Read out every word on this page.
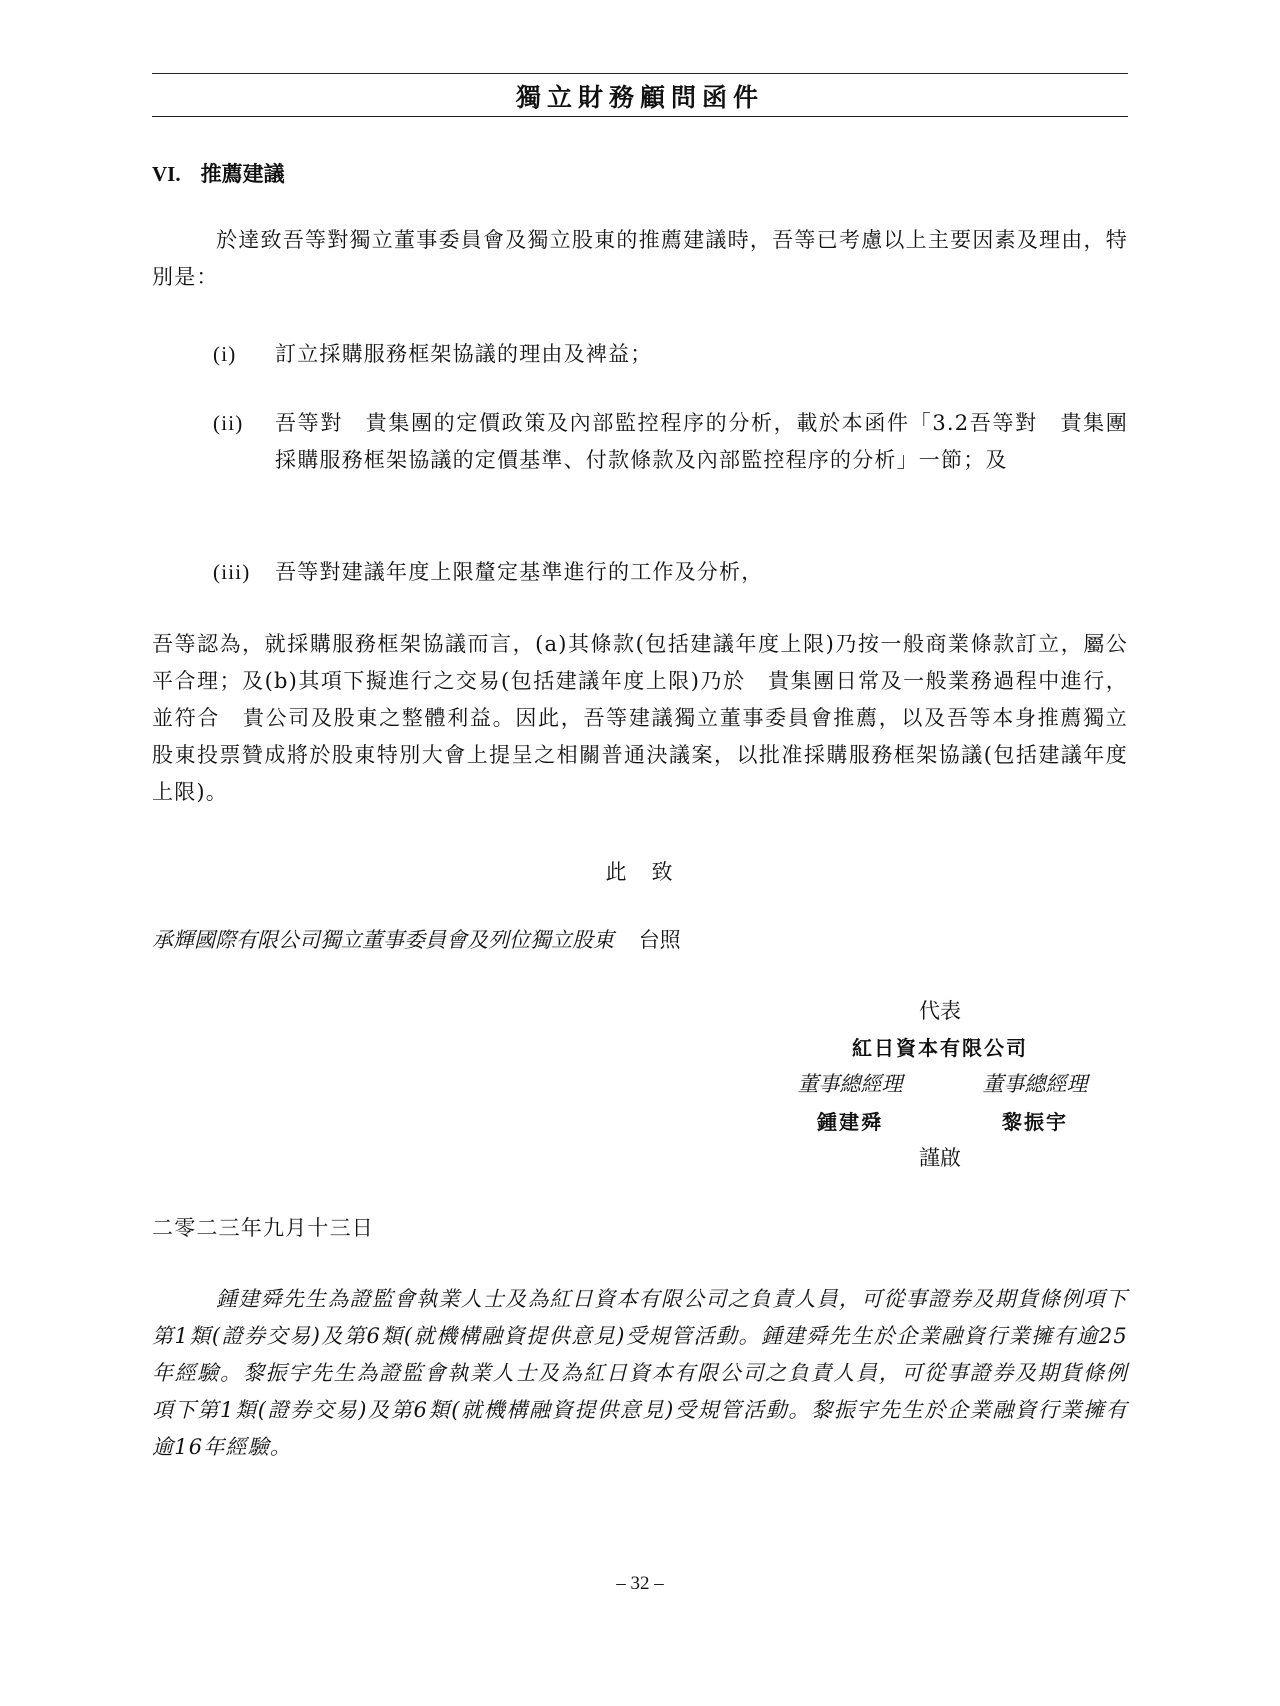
獨立財務顧問函件
VI. 推薦建議
於達致吾等對獨立董事委員會及獨立股東的推薦建議時，吾等已考慮以上主要因素及理由，特別是：
(i)	訂立採購服務框架協議的理由及裨益；
(ii)	吾等對　貴集團的定價政策及內部監控程序的分析，載於本函件「3.2吾等對　貴集團採購服務框架協議的定價基準、付款條款及內部監控程序的分析」一節；及
(iii)	吾等對建議年度上限釐定基準進行的工作及分析，
吾等認為，就採購服務框架協議而言，(a)其條款(包括建議年度上限)乃按一般商業條款訂立，屬公平合理；及(b)其項下擬進行之交易(包括建議年度上限)乃於　貴集團日常及一般業務過程中進行，並符合　貴公司及股東之整體利益。因此，吾等建議獨立董事委員會推薦，以及吾等本身推薦獨立股東投票贊成將於股東特別大會上提呈之相關普通決議案，以批准採購服務框架協議(包括建議年度上限)。
此　致
承輝國際有限公司獨立董事委員會及列位獨立股東 台照
代表
紅日資本有限公司
董事總經理	董事總經理
鍾建舜	黎振宇
謹啟
二零二三年九月十三日
鍾建舜先生為證監會執業人士及為紅日資本有限公司之負責人員，可從事證券及期貨條例項下第1類(證券交易)及第6類(就機構融資提供意見)受規管活動。鍾建舜先生於企業融資行業擁有逾25年經驗。黎振宇先生為證監會執業人士及為紅日資本有限公司之負責人員，可從事證券及期貨條例項下第1類(證券交易)及第6類(就機構融資提供意見)受規管活動。黎振宇先生於企業融資行業擁有逾16年經驗。
– 32 –
